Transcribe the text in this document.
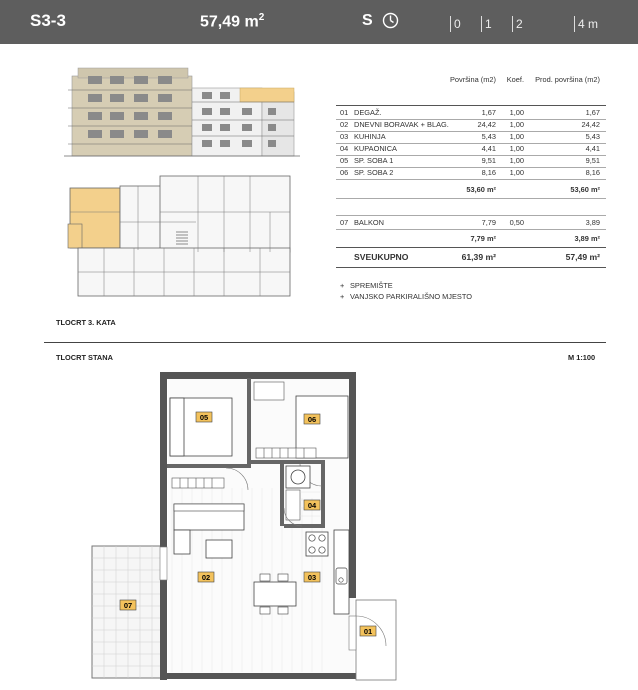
S3-3	57,49 $m^2$	S	0	1	2	4 m
Površina (m2) Koef. Prod. površina (m2)
01 DEGAŽ.	1,67 1,00	1,67
02 DNEVNI BORAVAK + BLAG.	24,42 1,00	24,42
03 KUHINJA	5,43 1,00	5,43
04 KUPAONICA	4,41 1,00	4,41
05 SP. SOBA 1	9,51 1,00	9,51
06 SP. SOBA 2	8,16 1,00	8,16
53,60 m²	53,60 m²
07 BALKON	7,79 0,50	3,89
7,79 m²	3,89 m²
SVEUKUPNO	61,39 m²	57,49 m²
+ SPREMIŠTE
+ VANJSKO PARKIRALIŠNO MJESTO
TLOCRT 3. KATA
TLOCRT STANA	M 1:100
05	06
04
02	03
07
01
